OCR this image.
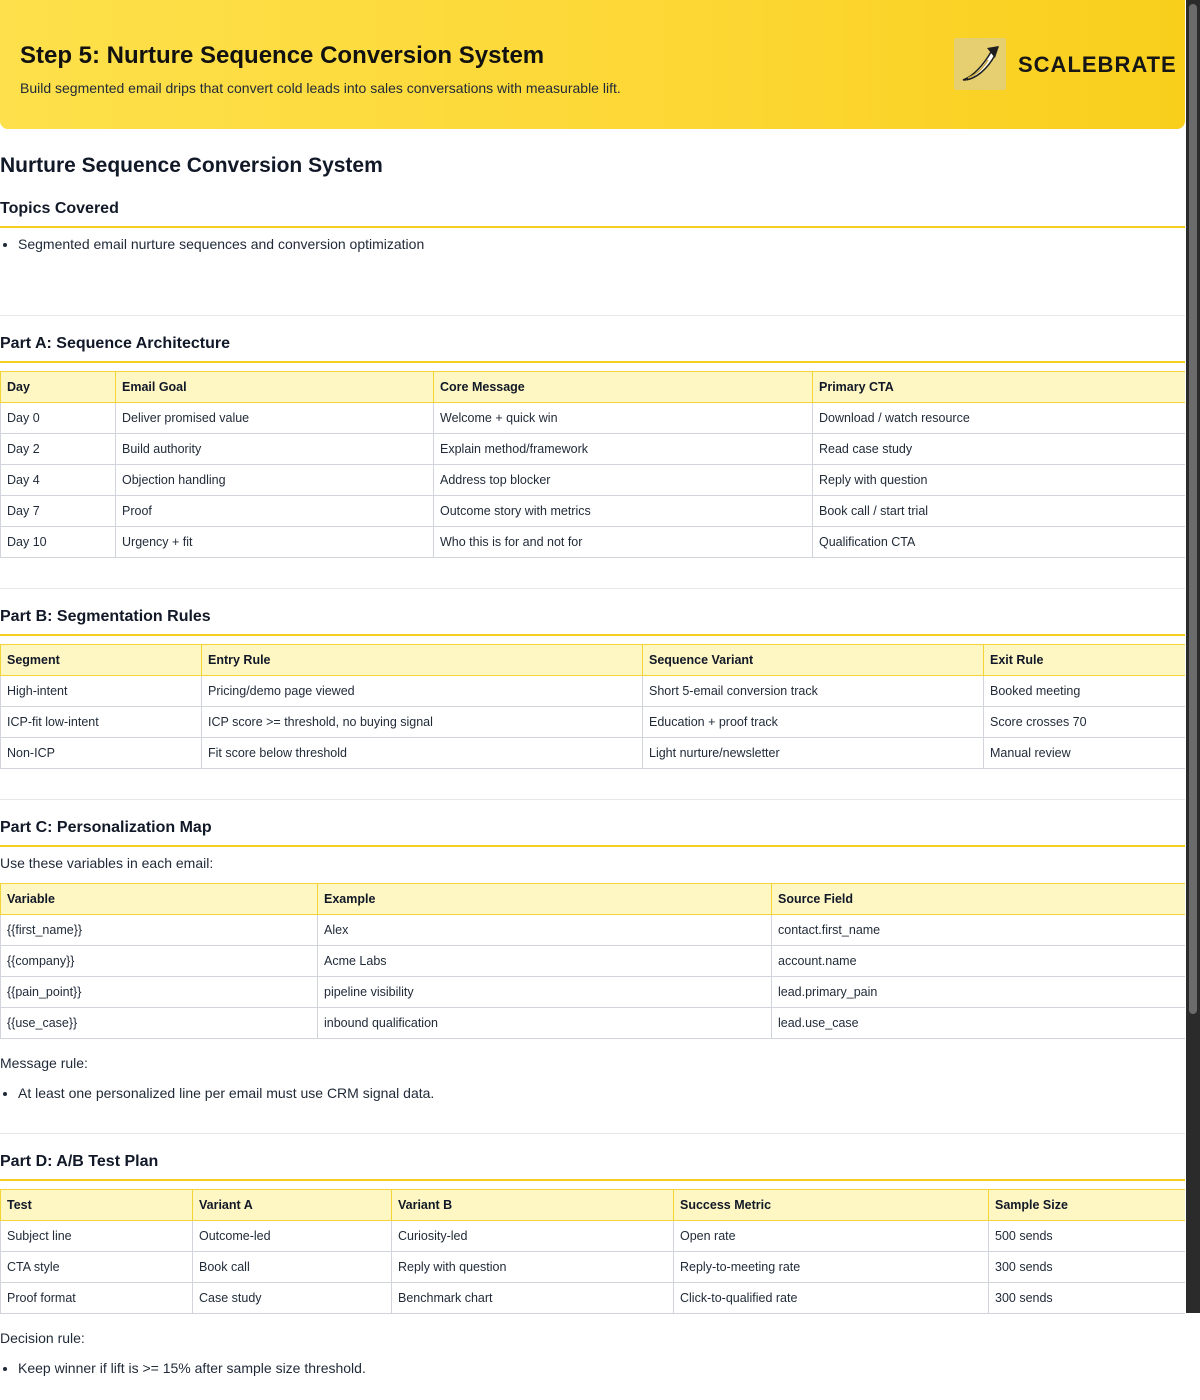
Step 5: Nurture Sequence Conversion System

Build segmented email drips that convert cold leads into sales conversations with measurable lift.

SCALEBRATE
Nurture Sequence Conversion System
Topics Covered
• Segmented email nurture sequences and conversion optimization
Part A: Sequence Architecture
Day	Email Goal	Core Message	Primary CTA
Day 0	Deliver promised value	Welcome + quick win	Download / watch resource
Day 2	Build authority	Explain method/framework	Read case study
Day 4	Objection handling	Address top blocker	Reply with question
Day 7	Proof	Outcome story with metrics	Book call / start trial
Day 10	Urgency + fit	Who this is for and not for	Qualification CTA
Part B: Segmentation Rules
Segment	Entry Rule	Sequence Variant	Exit Rule
High-intent	Pricing/demo page viewed	Short 5-email conversion track	Booked meeting
ICP-fit low-intent	ICP score >= threshold, no buying signal	Education + proof track	Score crosses 70
Non-ICP	Fit score below threshold	Light nurture/newsletter	Manual review
Part C: Personalization Map

Use these variables in each email:

Variable	Example	Source Field
{{first_name}}	Alex	contact.first_name
{{company}}	Acme Labs	account.name
{{pain_point}}	pipeline visibility	lead.primary_pain
{{use_case}}	inbound qualification	lead.use_case

Message rule:

• At least one personalized line per email must use CRM signal data.
Part D: A/B Test Plan
Test	Variant A	Variant B	Success Metric	Sample Size
Subject line	Outcome-led	Curiosity-led	Open rate	500 sends
CTA style	Book call	Reply with question	Reply-to-meeting rate	300 sends
Proof format	Case study	Benchmark chart	Click-to-qualified rate	300 sends

Decision rule:

• Keep winner if lift is >= 15% after sample size threshold.
